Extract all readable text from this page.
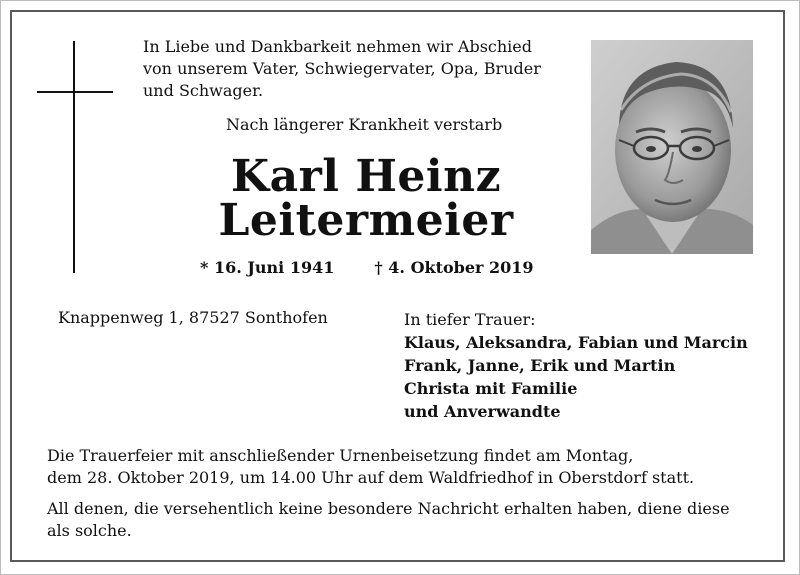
In Liebe und Dankbarkeit nehmen wir Abschied
von unserem Vater, Schwiegervater, Opa, Bruder
und Schwager.
Nach längerer Krankheit verstarb
Karl Heinz
Leitermeier
* 16. Juni 1941	† 4. Oktober 2019
Knappenweg 1, 87527 Sonthofen	In tiefer Trauer:
Klaus, Aleksandra, Fabian und Marcin
Frank, Janne, Erik und Martin
Christa mit Familie
und Anverwandte
Die Trauerfeier mit anschließender Urnenbeisetzung findet am Montag,
dem 28. Oktober 2019, um 14.00 Uhr auf dem Waldfriedhof in Oberstdorf statt.
All denen, die versehentlich keine besondere Nachricht erhalten haben, diene diese
als solche.
